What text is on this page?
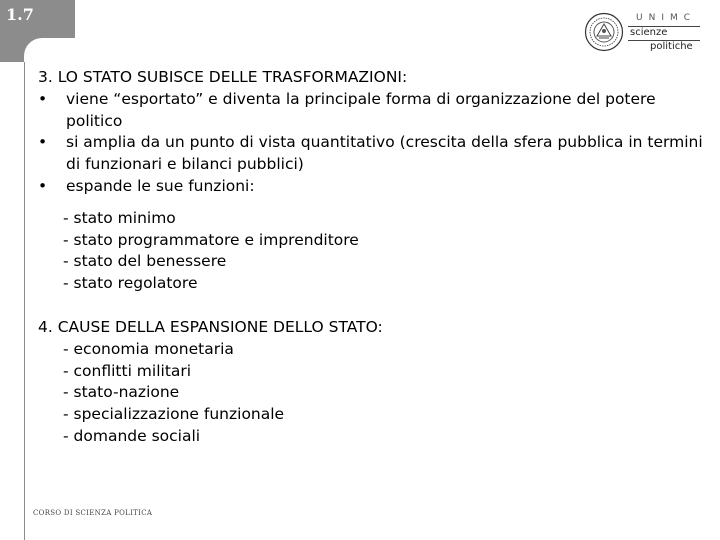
1.7	UNIMC
scienze
politiche

3. LO STATO SUBISCE DELLE TRASFORMAZIONI:

•	viene “esportato” e diventa la principale forma di organizzazione del potere politico
•	si amplia da un punto di vista quantitativo (crescita della sfera pubblica in termini di funzionari e bilanci pubblici)
•	espande le sue funzioni:

- stato minimo

- stato programmatore e imprenditore

- stato del benessere

- stato regolatore

4. CAUSE DELLA ESPANSIONE DELLO STATO:

- economia monetaria

- conflitti militari

- stato-nazione

- specializzazione funzionale

- domande sociali

CORSO DI SCIENZA POLITICA
